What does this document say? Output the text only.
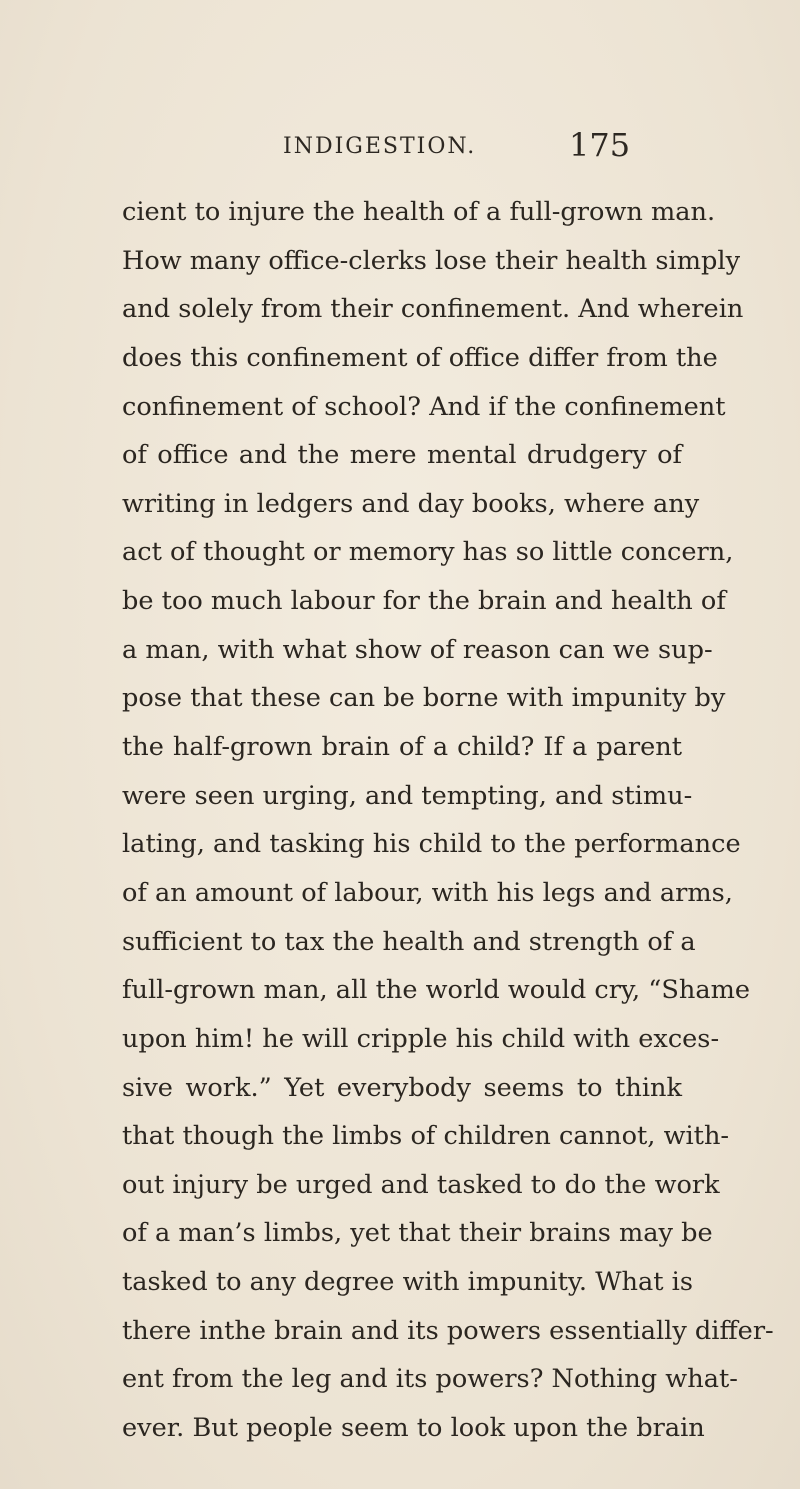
INDIGESTION.	175
cient to injure the health of a full-grown man.
How many office-clerks lose their health simply
and solely from their confinement. And wherein
does this confinement of office differ from the
confinement of school? And if the confinement
of office and the mere mental drudgery of
writing in ledgers and day books, where any
act of thought or memory has so little concern,
be too much labour for the brain and health of
a man, with what show of reason can we sup-
pose that these can be borne with impunity by
the half-grown brain of a child? If a parent
were seen urging, and tempting, and stimu-
lating, and tasking his child to the performance
of an amount of labour, with his legs and arms,
sufficient to tax the health and strength of a
full-grown man, all the world would cry, “Shame
upon him! he will cripple his child with exces-
sive work.” Yet everybody seems to think
that though the limbs of children cannot, with-
out injury be urged and tasked to do the work
of a man’s limbs, yet that their brains may be
tasked to any degree with impunity. What is
there inthe brain and its powers essentially differ-
ent from the leg and its powers? Nothing what-
ever. But people seem to look upon the brain
